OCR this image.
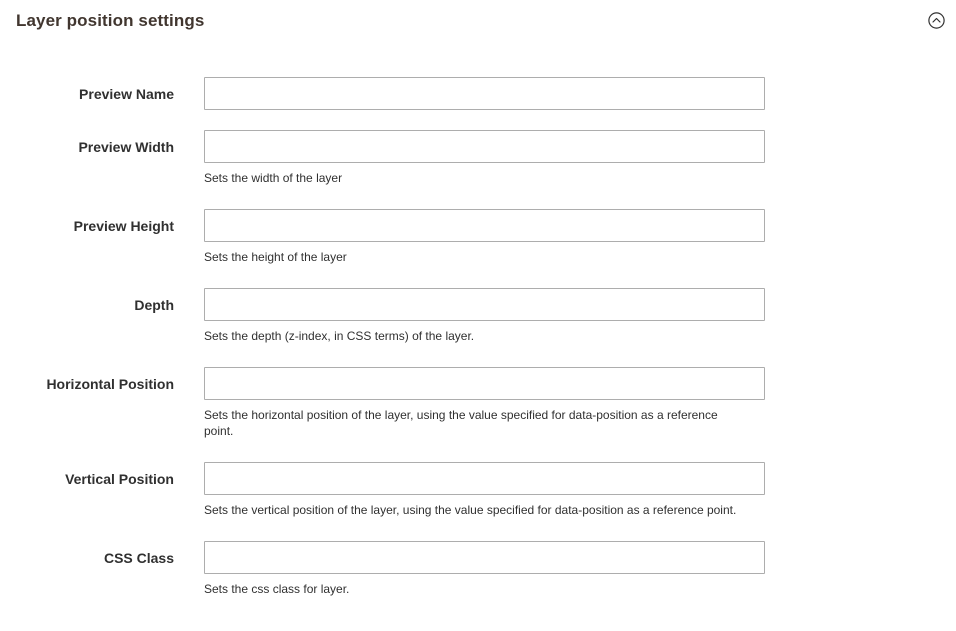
Layer position settings
Preview Name
Preview Width
Sets the width of the layer
Preview Height
Sets the height of the layer
Depth
Sets the depth (z-index, in CSS terms) of the layer.
Horizontal Position
Sets the horizontal position of the layer, using the value specified for data-position as a reference point.
Vertical Position
Sets the vertical position of the layer, using the value specified for data-position as a reference point.
CSS Class
Sets the css class for layer.
